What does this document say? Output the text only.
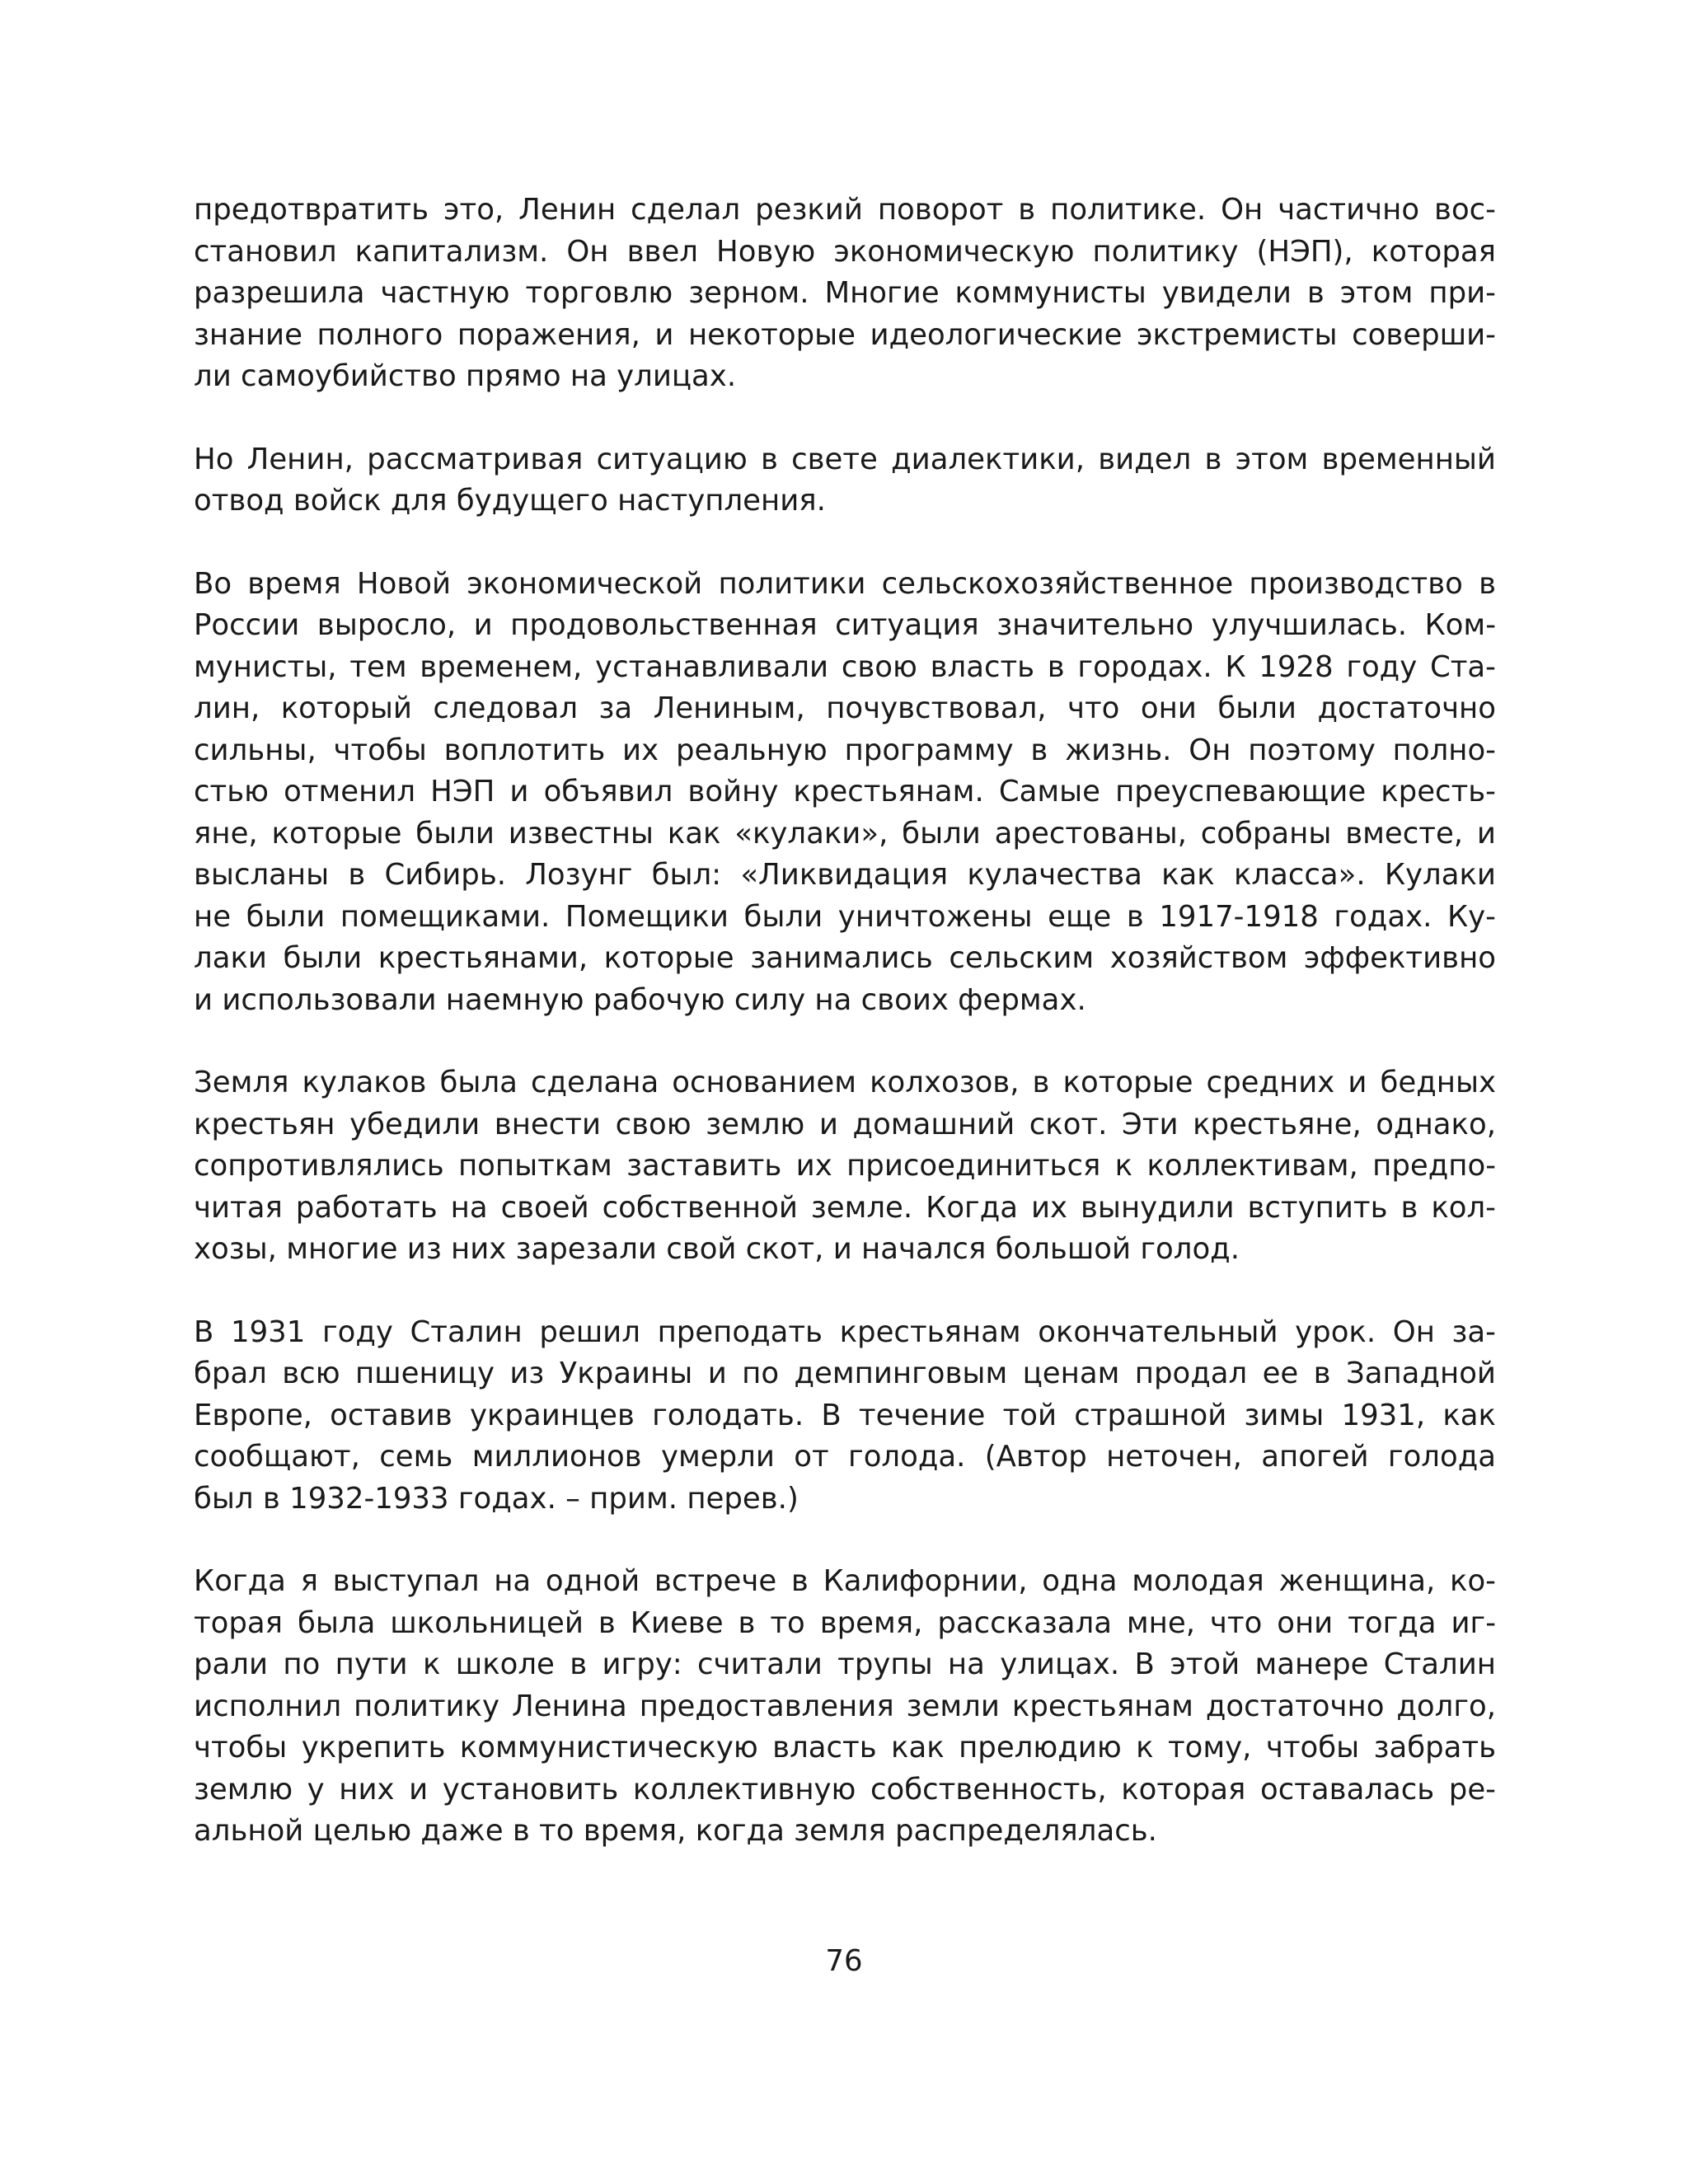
предотвратить это, Ленин сделал резкий поворот в политике. Он частично вос-
становил капитализм. Он ввел Новую экономическую политику (НЭП), которая
разрешила частную торговлю зерном. Многие коммунисты увидели в этом при-
знание полного поражения, и некоторые идеологические экстремисты соверши-
ли самоубийство прямо на улицах.

Но Ленин, рассматривая ситуацию в свете диалектики, видел в этом временный
отвод войск для будущего наступления.

Во время Новой экономической политики сельскохозяйственное производство в
России выросло, и продовольственная ситуация значительно улучшилась. Ком-
мунисты, тем временем, устанавливали свою власть в городах. К 1928 году Ста-
лин, который следовал за Лениным, почувствовал, что они были достаточно
сильны, чтобы воплотить их реальную программу в жизнь. Он поэтому полно-
стью отменил НЭП и объявил войну крестьянам. Самые преуспевающие кресть-
яне, которые были известны как «кулаки», были арестованы, собраны вместе, и
высланы в Сибирь. Лозунг был: «Ликвидация кулачества как класса». Кулаки
не были помещиками. Помещики были уничтожены еще в 1917-1918 годах. Ку-
лаки были крестьянами, которые занимались сельским хозяйством эффективно
и использовали наемную рабочую силу на своих фермах.

Земля кулаков была сделана основанием колхозов, в которые средних и бедных
крестьян убедили внести свою землю и домашний скот. Эти крестьяне, однако,
сопротивлялись попыткам заставить их присоединиться к коллективам, предпо-
читая работать на своей собственной земле. Когда их вынудили вступить в кол-
хозы, многие из них зарезали свой скот, и начался большой голод.

В 1931 году Сталин решил преподать крестьянам окончательный урок. Он за-
брал всю пшеницу из Украины и по демпинговым ценам продал ее в Западной
Европе, оставив украинцев голодать. В течение той страшной зимы 1931, как
сообщают, семь миллионов умерли от голода. (Автор неточен, апогей голода
был в 1932-1933 годах. – прим. перев.)

Когда я выступал на одной встрече в Калифорнии, одна молодая женщина, ко-
торая была школьницей в Киеве в то время, рассказала мне, что они тогда иг-
рали по пути к школе в игру: считали трупы на улицах. В этой манере Сталин
исполнил политику Ленина предоставления земли крестьянам достаточно долго,
чтобы укрепить коммунистическую власть как прелюдию к тому, чтобы забрать
землю у них и установить коллективную собственность, которая оставалась ре-
альной целью даже в то время, когда земля распределялась.

76
